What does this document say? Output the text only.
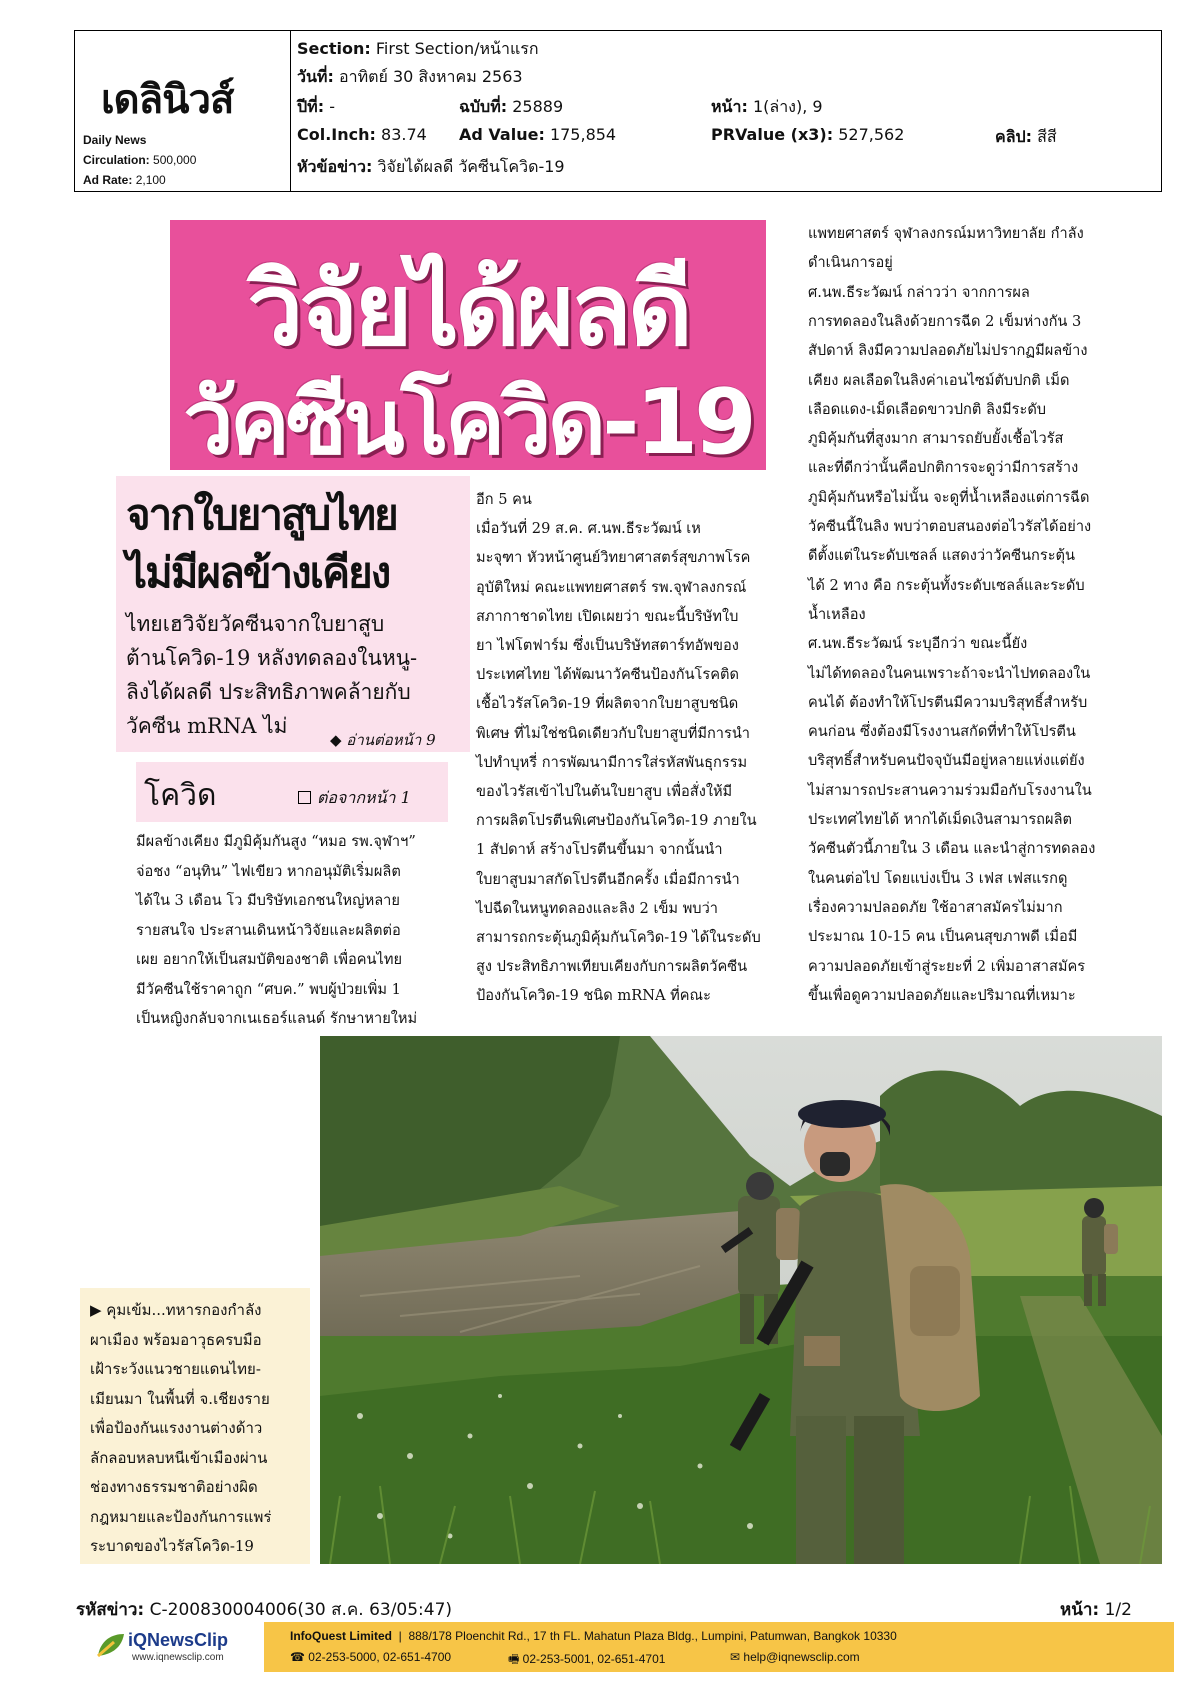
เดลินิวส์
Daily News
Circulation: 500,000
Ad Rate: 2,100
Section: First Section/หน้าแรก
วันที่: อาทิตย์ 30 สิงหาคม 2563
ปีที่: -	ฉบับที่: 25889	หน้า: 1(ล่าง), 9
Col.Inch: 83.74 Ad Value: 175,854	PRValue (x3): 527,562	คลิป: สีสี
หัวข้อข่าว: วิจัยได้ผลดี วัคซีนโควิด-19
วิจัยได้ผลดี
วัคซีนโควิด-19
จากใบยาสูบไทย
ไม่มีผลข้างเคียง
ไทยเฮวิจัยวัคซีนจากใบยาสูบ
ต้านโควิด-19 หลังทดลองในหนู-
ลิงได้ผลดี ประสิทธิภาพคล้ายกับ
วัคซีน mRNA ไม่
◆ อ่านต่อหน้า 9
โควิด	ต่อจากหน้า 1

มีผลข้างเคียง มีภูมิคุ้มกันสูง “หมอ รพ.จุฬาฯ”

จ่อชง “อนุทิน” ไฟเขียว หากอนุมัติเริ่มผลิต

ได้ใน 3 เดือน โว มีบริษัทเอกชนใหญ่หลาย

รายสนใจ ประสานเดินหน้าวิจัยและผลิตต่อ

เผย อยากให้เป็นสมบัติของชาติ เพื่อคนไทย

มีวัคซีนใช้ราคาถูก “ศบค.” พบผู้ป่วยเพิ่ม 1

เป็นหญิงกลับจากเนเธอร์แลนด์ รักษาหายใหม่

อีก 5 คน

เมื่อวันที่ 29 ส.ค. ศ.นพ.ธีระวัฒน์ เห

มะจุฑา หัวหน้าศูนย์วิทยาศาสตร์สุขภาพโรค

อุบัติใหม่ คณะแพทยศาสตร์ รพ.จุฬาลงกรณ์

สภากาชาดไทย เปิดเผยว่า ขณะนี้บริษัทใบ

ยา ไฟโตฟาร์ม ซึ่งเป็นบริษัทสตาร์ทอัพของ

ประเทศไทย ได้พัฒนาวัคซีนป้องกันโรคติด

เชื้อไวรัสโควิด-19 ที่ผลิตจากใบยาสูบชนิด

พิเศษ ที่ไม่ใช่ชนิดเดียวกับใบยาสูบที่มีการนำ

ไปทำบุหรี่ การพัฒนามีการใส่รหัสพันธุกรรม

ของไวรัสเข้าไปในต้นใบยาสูบ เพื่อสั่งให้มี

การผลิตโปรตีนพิเศษป้องกันโควิด-19 ภายใน

1 สัปดาห์ สร้างโปรตีนขึ้นมา จากนั้นนำ

ใบยาสูบมาสกัดโปรตีนอีกครั้ง เมื่อมีการนำ

ไปฉีดในหนูทดลองและลิง 2 เข็ม พบว่า

สามารถกระตุ้นภูมิคุ้มกันโควิด-19 ได้ในระดับ

สูง ประสิทธิภาพเทียบเคียงกับการผลิตวัคซีน

ป้องกันโควิด-19 ชนิด mRNA ที่คณะ

แพทยศาสตร์ จุฬาลงกรณ์มหาวิทยาลัย กำลัง

ดำเนินการอยู่

ศ.นพ.ธีระวัฒน์ กล่าวว่า จากการผล

การทดลองในลิงด้วยการฉีด 2 เข็มห่างกัน 3

สัปดาห์ ลิงมีความปลอดภัยไม่ปรากฏมีผลข้าง

เคียง ผลเลือดในลิงค่าเอนไซม์ตับปกติ เม็ด

เลือดแดง-เม็ดเลือดขาวปกติ ลิงมีระดับ

ภูมิคุ้มกันที่สูงมาก สามารถยับยั้งเชื้อไวรัส

และที่ดีกว่านั้นคือปกติการจะดูว่ามีการสร้าง

ภูมิคุ้มกันหรือไม่นั้น จะดูที่น้ำเหลืองแต่การฉีด

วัคซีนนี้ในลิง พบว่าตอบสนองต่อไวรัสได้อย่าง

ดีตั้งแต่ในระดับเซลล์ แสดงว่าวัคซีนกระตุ้น

ได้ 2 ทาง คือ กระตุ้นทั้งระดับเซลล์และระดับ

น้ำเหลือง

ศ.นพ.ธีระวัฒน์ ระบุอีกว่า ขณะนี้ยัง

ไม่ได้ทดลองในคนเพราะถ้าจะนำไปทดลองใน

คนได้ ต้องทำให้โปรตีนมีความบริสุทธิ์สำหรับ

คนก่อน ซึ่งต้องมีโรงงานสกัดที่ทำให้โปรตีน

บริสุทธิ์สำหรับคนปัจจุบันมีอยู่หลายแห่งแต่ยัง

ไม่สามารถประสานความร่วมมือกับโรงงานใน

ประเทศไทยได้ หากได้เม็ดเงินสามารถผลิต

วัคซีนตัวนี้ภายใน 3 เดือน และนำสู่การทดลอง

ในคนต่อไป โดยแบ่งเป็น 3 เฟส เฟสแรกดู

เรื่องความปลอดภัย ใช้อาสาสมัครไม่มาก

ประมาณ 10-15 คน เป็นคนสุขภาพดี เมื่อมี

ความปลอดภัยเข้าสู่ระยะที่ 2 เพิ่มอาสาสมัคร

ขึ้นเพื่อดูความปลอดภัยและปริมาณที่เหมาะ

▶ คุมเข้ม...ทหารกองกำลัง

ผาเมือง พร้อมอาวุธครบมือ

เฝ้าระวังแนวชายแดนไทย-

เมียนมา ในพื้นที่ จ.เชียงราย

เพื่อป้องกันแรงงานต่างด้าว

ลักลอบหลบหนีเข้าเมืองผ่าน

ช่องทางธรรมชาติอย่างผิด

กฎหมายและป้องกันการแพร่

ระบาดของไวรัสโควิด-19

รหัสข่าว: C-200830004006(30 ส.ค. 63/05:47)	หน้า: 1/2
iQNewsClip
www.iqnewsclip.com
InfoQuest Limited  |  888/178 Ploenchit Rd., 17 th FL. Mahatun Plaza Bldg., Lumpini, Patumwan, Bangkok 10330
☎ 02-253-5000, 02-651-4700	🖷 02-253-5001, 02-651-4701	✉ help@iqnewsclip.com
